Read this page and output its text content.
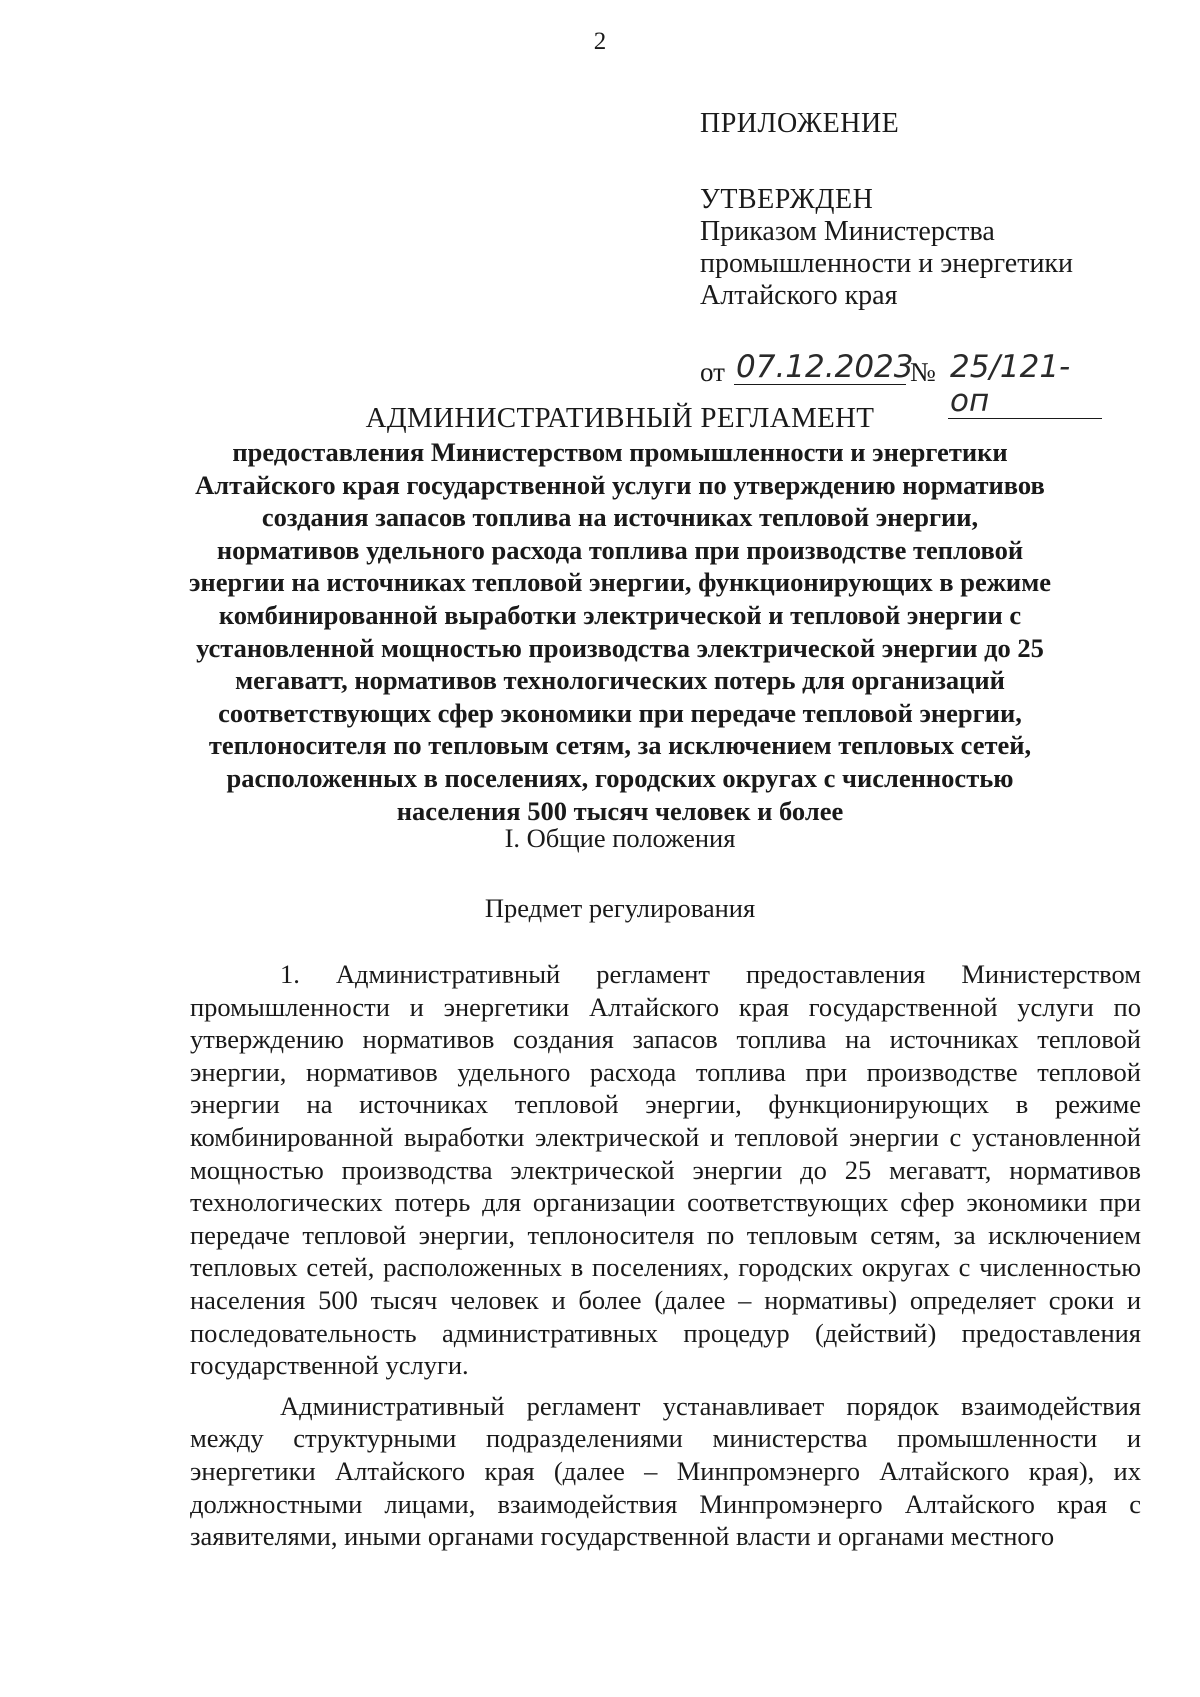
2
ПРИЛОЖЕНИЕ
УТВЕРЖДЕН
Приказом Министерства
промышленности и энергетики
Алтайского края
от 07.12.2023
№ 25/121-оп
АДМИНИСТРАТИВНЫЙ РЕГЛАМЕНТ
предоставления Министерством промышленности и энергетики Алтайского края государственной услуги по утверждению нормативов создания запасов топлива на источниках тепловой энергии, нормативов удельного расхода топлива при производстве тепловой энергии на источниках тепловой энергии, функционирующих в режиме комбинированной выработки электрической и тепловой энергии с установленной мощностью производства электрической энергии до 25 мегаватт, нормативов технологических потерь для организаций соответствующих сфер экономики при передаче тепловой энергии, теплоносителя по тепловым сетям, за исключением тепловых сетей, расположенных в поселениях, городских округах с численностью населения 500 тысяч человек и более
I. Общие положения
Предмет регулирования

1. Административный регламент предоставления Министерством промышленности и энергетики Алтайского края государственной услуги по утверждению нормативов создания запасов топлива на источниках тепловой энергии, нормативов удельного расхода топлива при производстве тепловой энергии на источниках тепловой энергии, функционирующих в режиме комбинированной выработки электрической и тепловой энергии с установленной мощностью производства электрической энергии до 25 мегаватт, нормативов технологических потерь для организации соответствующих сфер экономики при передаче тепловой энергии, теплоносителя по тепловым сетям, за исключением тепловых сетей, расположенных в поселениях, городских округах с численностью населения 500 тысяч человек и более (далее – нормативы) определяет сроки и последовательность административных процедур (действий) предоставления государственной услуги.

Административный регламент устанавливает порядок взаимодействия между структурными подразделениями министерства промышленности и энергетики Алтайского края (далее – Минпромэнерго Алтайского края), их должностными лицами, взаимодействия Минпромэнерго Алтайского края с заявителями, иными органами государственной власти и органами местного
